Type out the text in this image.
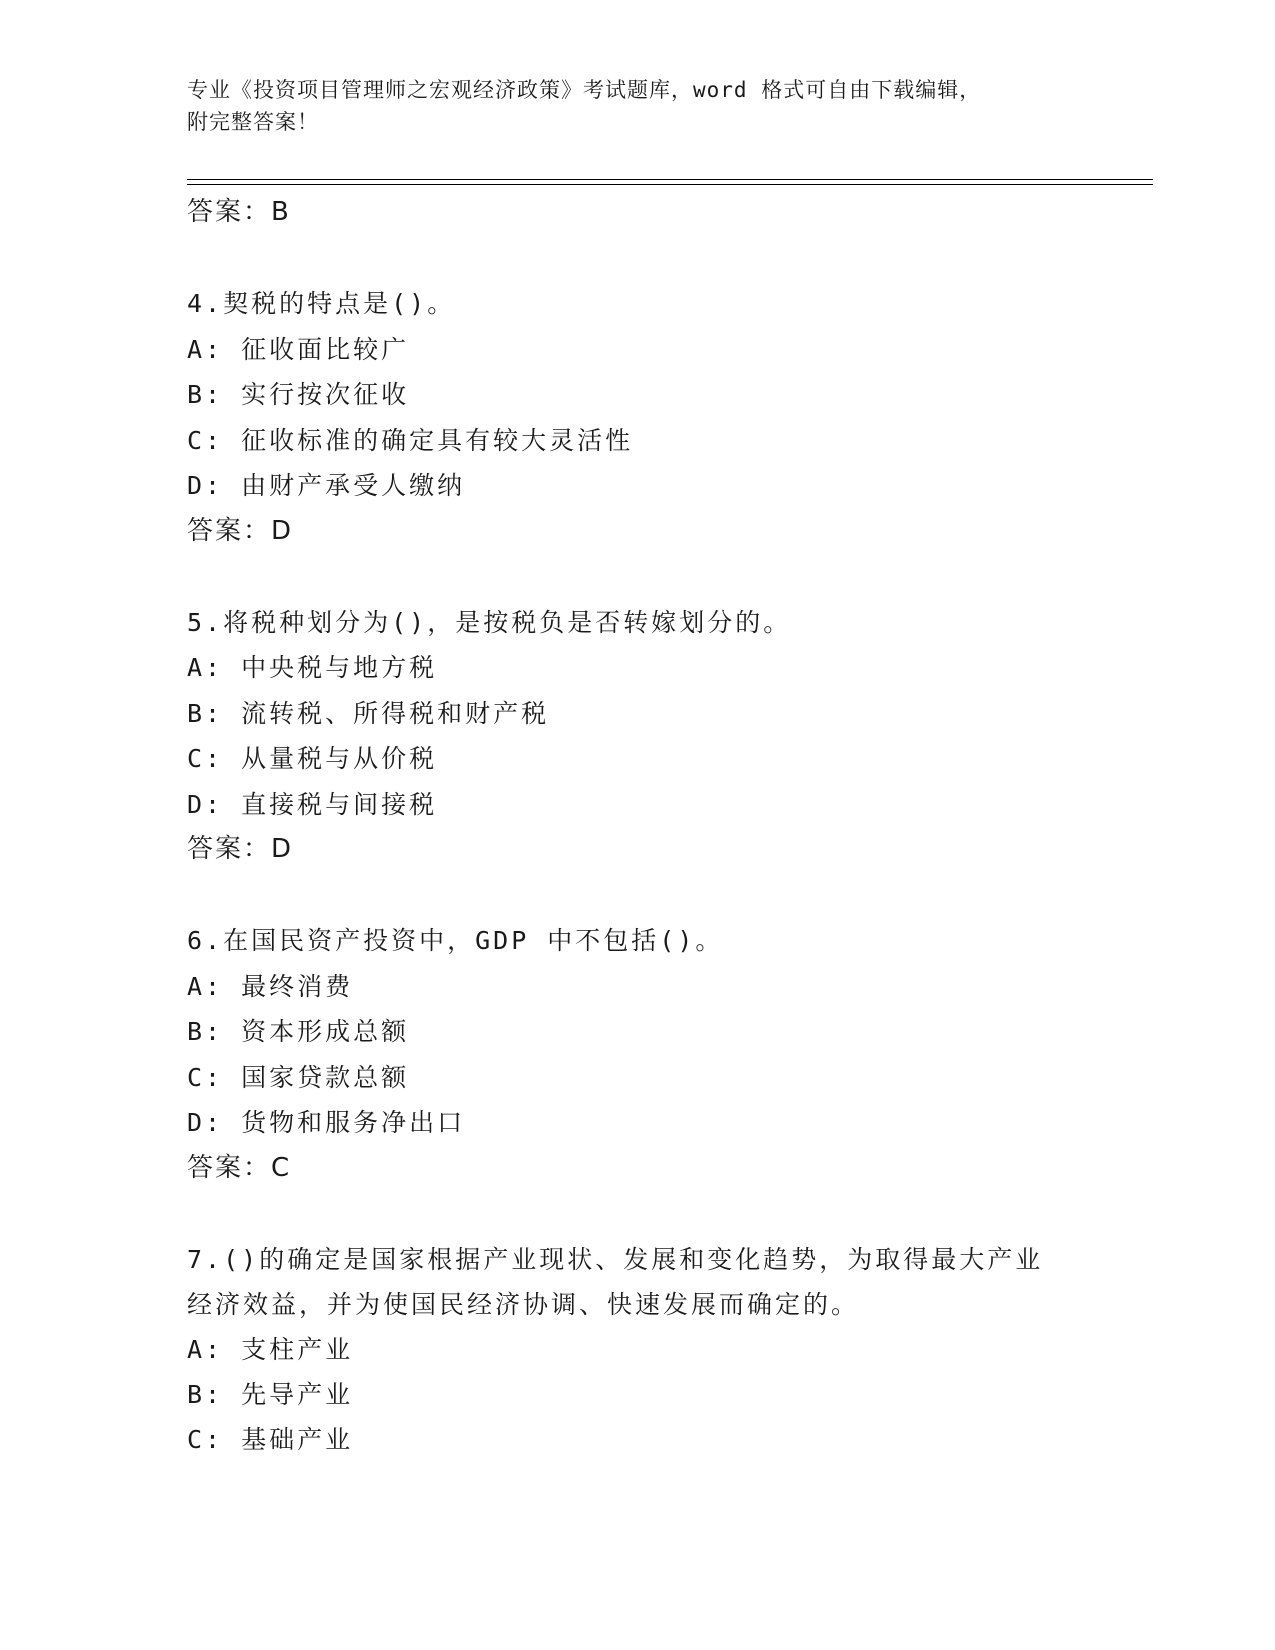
专业《投资项目管理师之宏观经济政策》考试题库，word 格式可自由下载编辑，
附完整答案！
答案：B
4.契税的特点是()。
A: 征收面比较广
B: 实行按次征收
C: 征收标准的确定具有较大灵活性
D: 由财产承受人缴纳
答案：D
5.将税种划分为()，是按税负是否转嫁划分的。
A: 中央税与地方税
B: 流转税、所得税和财产税
C: 从量税与从价税
D: 直接税与间接税
答案：D
6.在国民资产投资中，GDP 中不包括()。
A: 最终消费
B: 资本形成总额
C: 国家贷款总额
D: 货物和服务净出口
答案：C
7.()的确定是国家根据产业现状、发展和变化趋势，为取得最大产业
经济效益，并为使国民经济协调、快速发展而确定的。
A: 支柱产业
B: 先导产业
C: 基础产业
